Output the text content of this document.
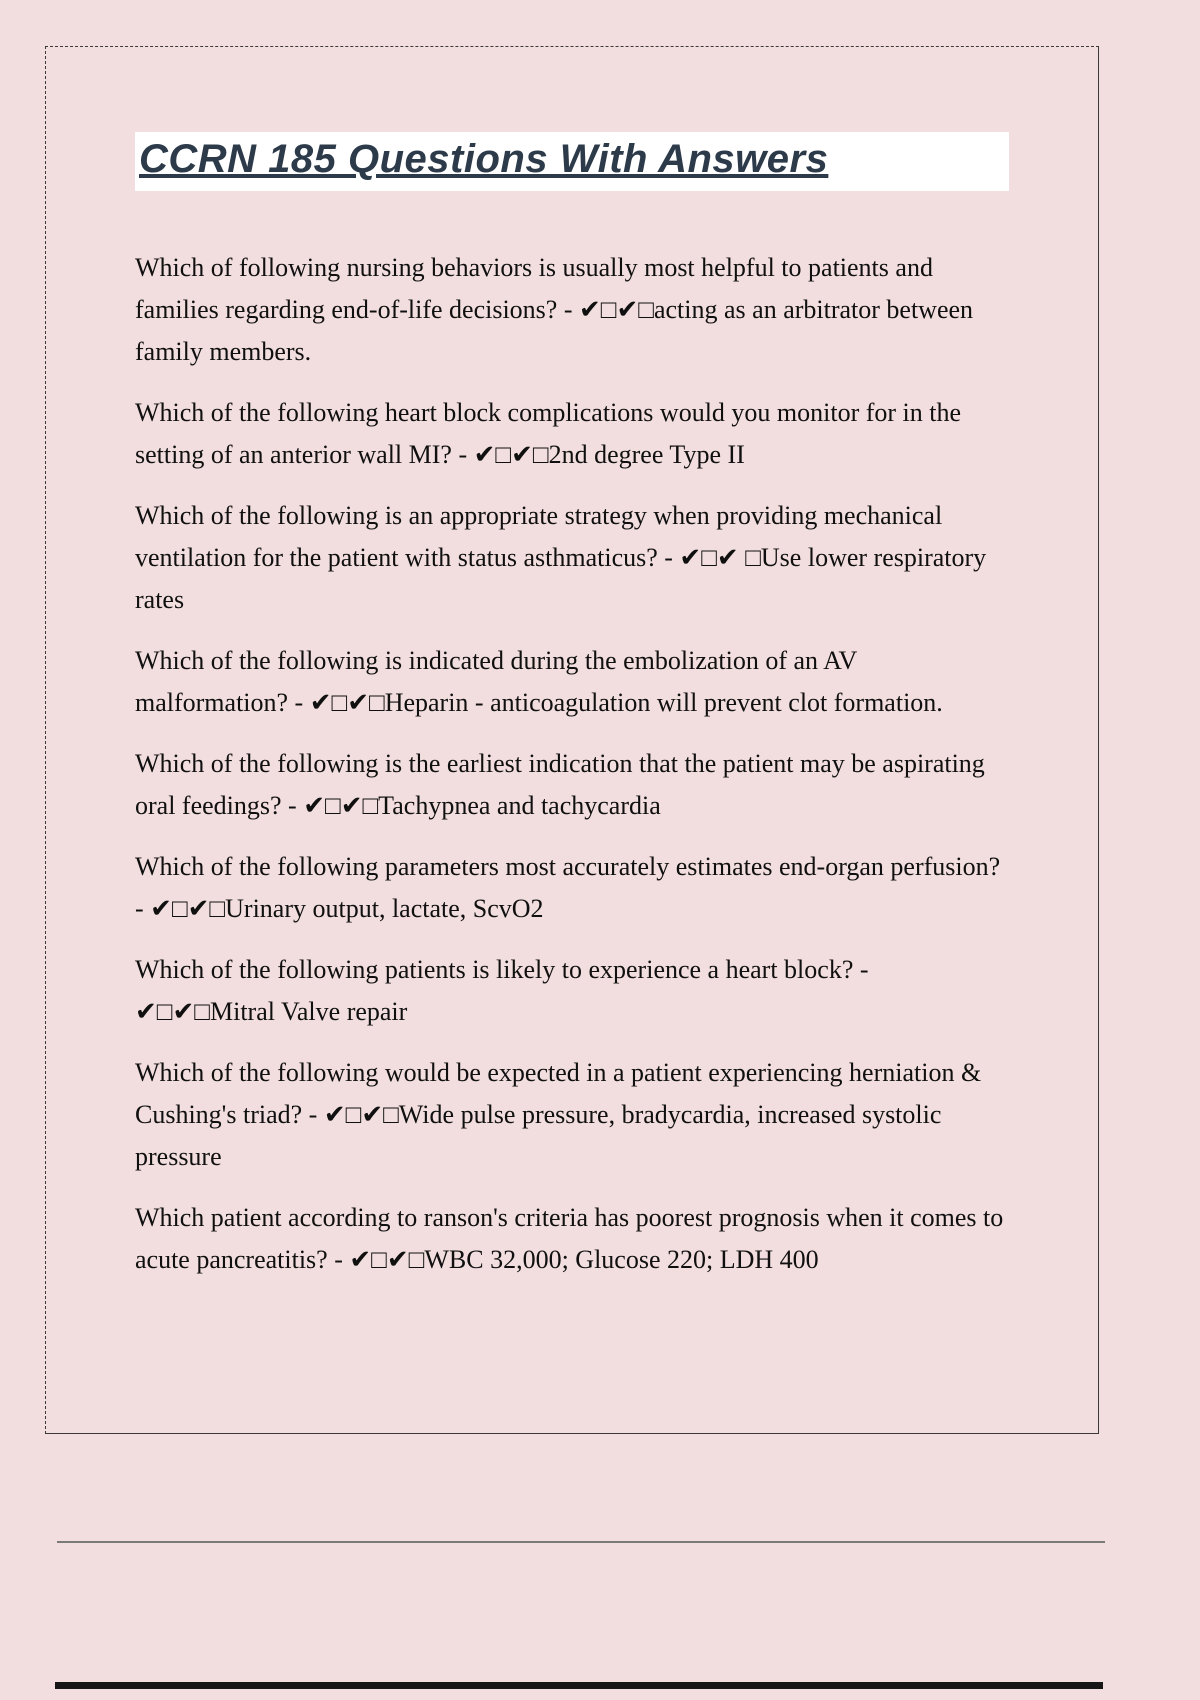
CCRN 185 Questions With Answers

Which of following nursing behaviors is usually most helpful to patients and families regarding end-of-life decisions? - ✔□✔□acting as an arbitrator between family members.

Which of the following heart block complications would you monitor for in the setting of an anterior wall MI? - ✔□✔□2nd degree Type II

Which of the following is an appropriate strategy when providing mechanical ventilation for the patient with status asthmaticus? - ✔□✔ □Use lower respiratory rates

Which of the following is indicated during the embolization of an AV malformation? - ✔□✔□Heparin - anticoagulation will prevent clot formation.

Which of the following is the earliest indication that the patient may be aspirating oral feedings? - ✔□✔□Tachypnea and tachycardia

Which of the following parameters most accurately estimates end-organ perfusion? - ✔□✔□Urinary output, lactate, ScvO2

Which of the following patients is likely to experience a heart block? - ✔□✔□Mitral Valve repair

Which of the following would be expected in a patient experiencing herniation & Cushing's triad? - ✔□✔□Wide pulse pressure, bradycardia, increased systolic pressure

Which patient according to ranson's criteria has poorest prognosis when it comes to acute pancreatitis? - ✔□✔□WBC 32,000; Glucose 220; LDH 400
